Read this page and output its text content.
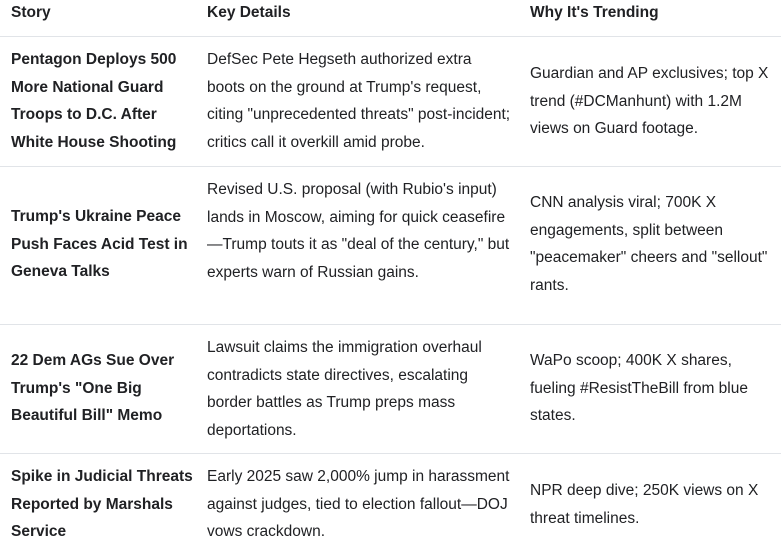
Story	Key Details	Why It's Trending
Pentagon Deploys 500 More National Guard Troops to D.C. After White House Shooting
DefSec Pete Hegseth authorized extra boots on the ground at Trump's request, citing "unprecedented threats" post-incident; critics call it overkill amid probe.
Guardian and AP exclusives; top X trend (#DCManhunt) with 1.2M views on Guard footage.
Trump's Ukraine Peace Push Faces Acid Test in Geneva Talks
Revised U.S. proposal (with Rubio's input) lands in Moscow, aiming for quick ceasefire—Trump touts it as "deal of the century," but experts warn of Russian gains.
CNN analysis viral; 700K X engagements, split between "peacemaker" cheers and "sellout" rants.
22 Dem AGs Sue Over Trump's "One Big Beautiful Bill" Memo
Lawsuit claims the immigration overhaul contradicts state directives, escalating border battles as Trump preps mass deportations.
WaPo scoop; 400K X shares, fueling #ResistTheBill from blue states.
Spike in Judicial Threats Reported by Marshals Service
Early 2025 saw 2,000% jump in harassment against judges, tied to election fallout—DOJ vows crackdown.
NPR deep dive; 250K views on X threat timelines.
